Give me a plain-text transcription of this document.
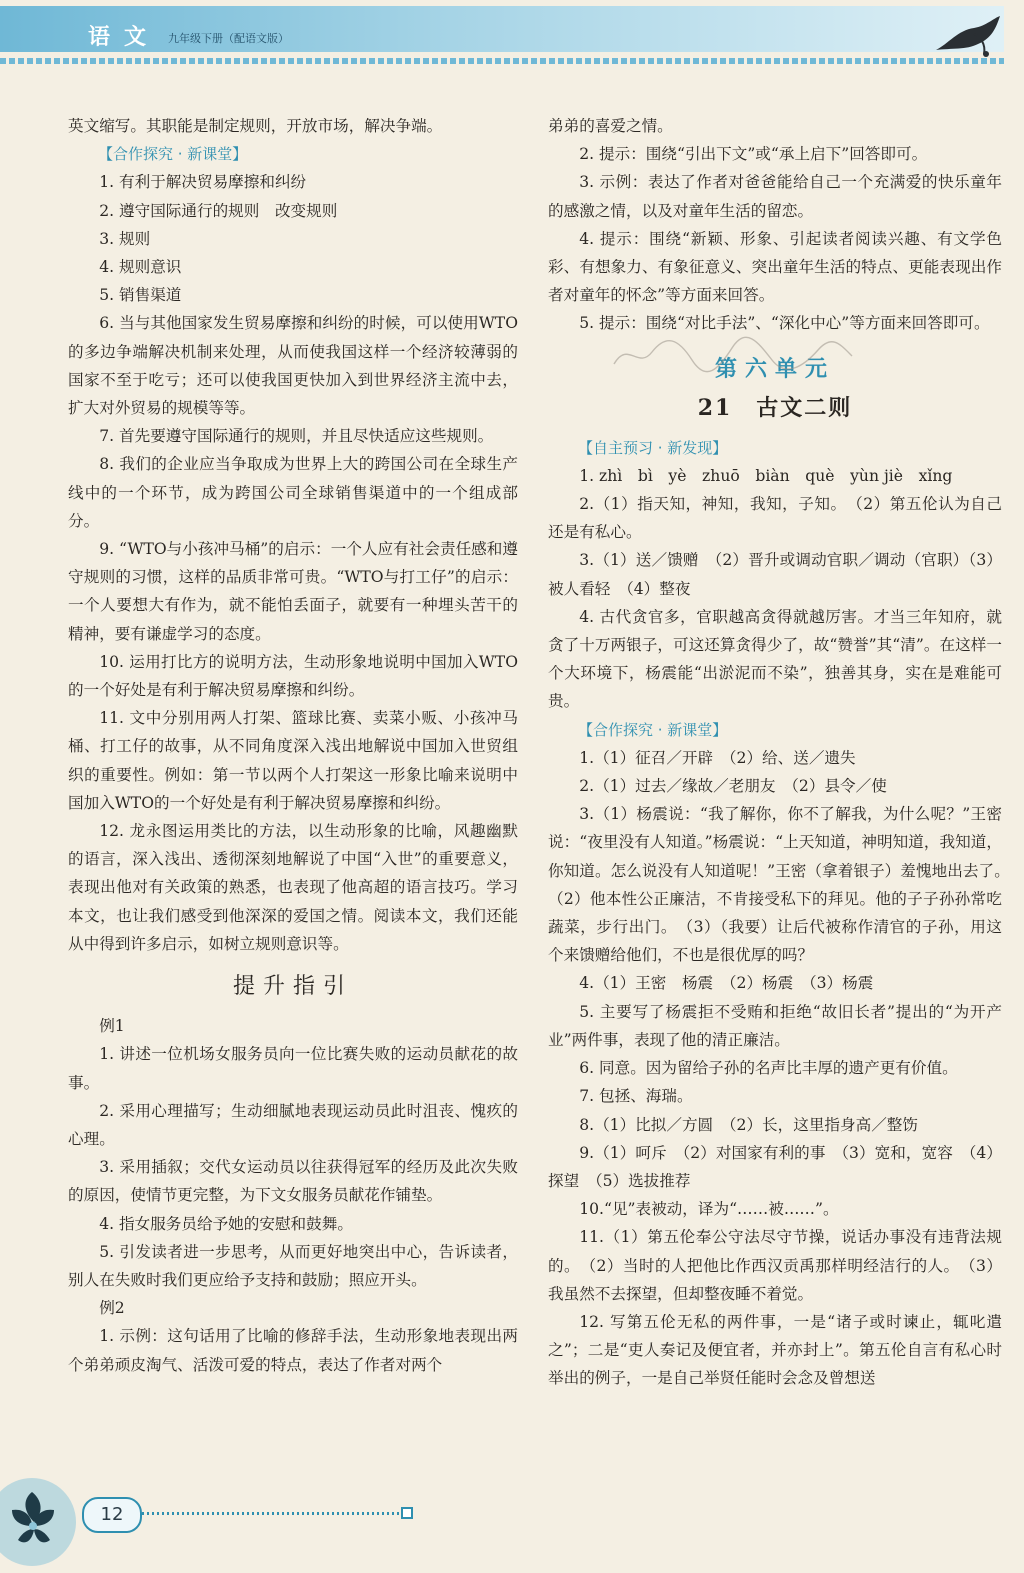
语文 九年级下册（配语文版）

英文缩写。其职能是制定规则，开放市场，解决争端。

【合作探究 · 新课堂】

1. 有利于解决贸易摩擦和纠纷

2. 遵守国际通行的规则　改变规则

3. 规则

4. 规则意识

5. 销售渠道

6. 当与其他国家发生贸易摩擦和纠纷的时候，可以使用WTO的多边争端解决机制来处理，从而使我国这样一个经济较薄弱的国家不至于吃亏；还可以使我国更快加入到世界经济主流中去，扩大对外贸易的规模等等。

7. 首先要遵守国际通行的规则，并且尽快适应这些规则。

8. 我们的企业应当争取成为世界上大的跨国公司在全球生产线中的一个环节，成为跨国公司全球销售渠道中的一个组成部分。

9. “WTO与小孩冲马桶”的启示：一个人应有社会责任感和遵守规则的习惯，这样的品质非常可贵。“WTO与打工仔”的启示：一个人要想大有作为，就不能怕丢面子，就要有一种埋头苦干的精神，要有谦虚学习的态度。

10. 运用打比方的说明方法，生动形象地说明中国加入WTO的一个好处是有利于解决贸易摩擦和纠纷。

11. 文中分别用两人打架、篮球比赛、卖菜小贩、小孩冲马桶、打工仔的故事，从不同角度深入浅出地解说中国加入世贸组织的重要性。例如：第一节以两个人打架这一形象比喻来说明中国加入WTO的一个好处是有利于解决贸易摩擦和纠纷。

12. 龙永图运用类比的方法，以生动形象的比喻，风趣幽默的语言，深入浅出、透彻深刻地解说了中国“入世”的重要意义，表现出他对有关政策的熟悉，也表现了他高超的语言技巧。学习本文，也让我们感受到他深深的爱国之情。阅读本文，我们还能从中得到许多启示，如树立规则意识等。

提升指引

例1

1. 讲述一位机场女服务员向一位比赛失败的运动员献花的故事。

2. 采用心理描写；生动细腻地表现运动员此时沮丧、愧疚的心理。

3. 采用插叙；交代女运动员以往获得冠军的经历及此次失败的原因，使情节更完整，为下文女服务员献花作铺垫。

4. 指女服务员给予她的安慰和鼓舞。

5. 引发读者进一步思考，从而更好地突出中心，告诉读者，别人在失败时我们更应给予支持和鼓励；照应开头。

例2

1. 示例：这句话用了比喻的修辞手法，生动形象地表现出两个弟弟顽皮淘气、活泼可爱的特点，表达了作者对两个

弟弟的喜爱之情。

2. 提示：围绕“引出下文”或“承上启下”回答即可。

3. 示例：表达了作者对爸爸能给自己一个充满爱的快乐童年的感激之情，以及对童年生活的留恋。

4. 提示：围绕“新颖、形象、引起读者阅读兴趣、有文学色彩、有想象力、有象征意义、突出童年生活的特点、更能表现出作者对童年的怀念”等方面来回答。

5. 提示：围绕“对比手法”、“深化中心”等方面来回答即可。

第六单元
21　古文二则

【自主预习 · 新发现】

1. zhì　bì　yè　zhuō　biàn　què　yùn jiè　xǐng

2.（1）指天知，神知，我知，子知。　（2）第五伦认为自己还是有私心。

3.（1）送／馈赠　（2）晋升或调动官职／调动（官职）（3）被人看轻　（4）整夜

4. 古代贪官多，官职越高贪得就越厉害。才当三年知府，就贪了十万两银子，可这还算贪得少了，故“赞誉”其“清”。在这样一个大环境下，杨震能“出淤泥而不染”，独善其身，实在是难能可贵。

【合作探究 · 新课堂】

1.（1）征召／开辟　（2）给、送／遗失

2.（1）过去／缘故／老朋友　（2）县令／使

3.（1）杨震说：“我了解你，你不了解我，为什么呢？”王密说：“夜里没有人知道。”杨震说：“上天知道，神明知道，我知道，你知道。怎么说没有人知道呢！”王密（拿着银子）羞愧地出去了。　（2）他本性公正廉洁，不肯接受私下的拜见。他的子子孙孙常吃蔬菜，步行出门。　（3）（我要）让后代被称作清官的子孙，用这个来馈赠给他们，不也是很优厚的吗？

4.（1）王密　杨震　（2）杨震　（3）杨震

5. 主要写了杨震拒不受贿和拒绝“故旧长者”提出的“为开产业”两件事，表现了他的清正廉洁。

6. 同意。因为留给子孙的名声比丰厚的遗产更有价值。

7. 包拯、海瑞。

8.（1）比拟／方圆　（2）长，这里指身高／整饬

9.（1）呵斥　（2）对国家有利的事　（3）宽和，宽容　（4）探望　（5）选拔推荐

10.“见”表被动，译为“……被……”。

11.（1）第五伦奉公守法尽守节操，说话办事没有违背法规的。　（2）当时的人把他比作西汉贡禹那样明经洁行的人。　（3）我虽然不去探望，但却整夜睡不着觉。

12. 写第五伦无私的两件事，一是“诸子或时谏止，辄叱遣之”；二是“吏人奏记及便宜者，并亦封上”。第五伦自言有私心时举出的例子，一是自己举贤任能时会念及曾想送

12
